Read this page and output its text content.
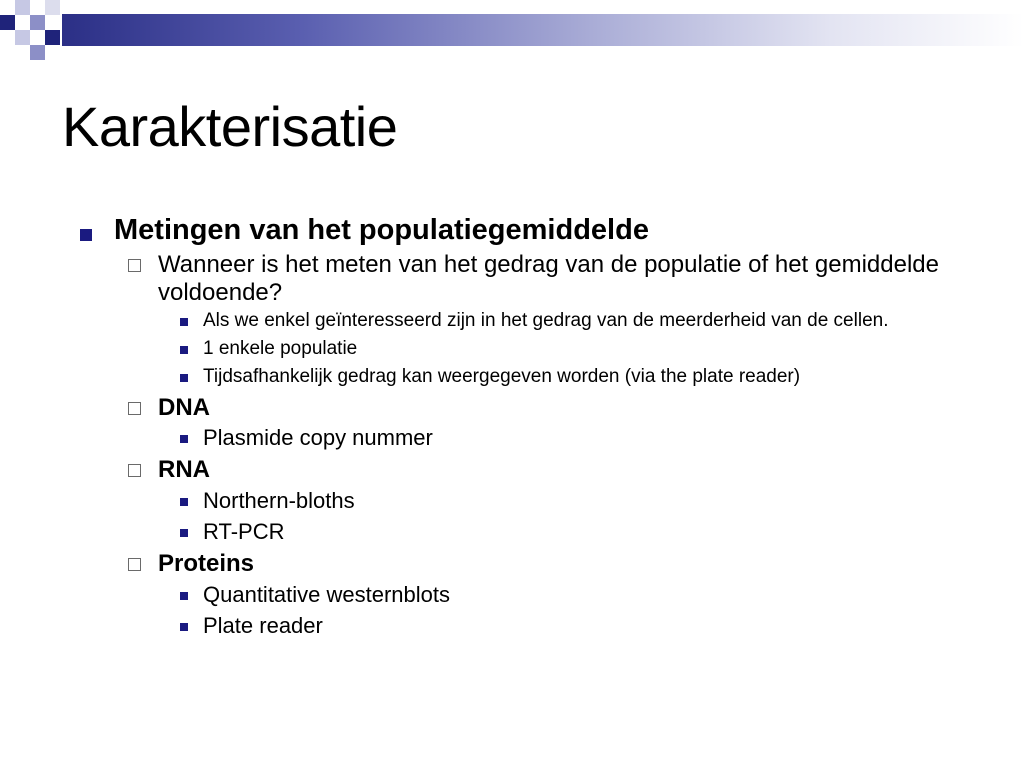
Karakterisatie
Metingen van het populatiegemiddelde
Wanneer is het meten van het gedrag van de populatie of het gemiddelde voldoende?
Als we enkel geïnteresseerd zijn in het gedrag van de meerderheid van de cellen.
1 enkele populatie
Tijdsafhankelijk gedrag kan weergegeven worden (via the plate reader)
DNA
Plasmide copy nummer
RNA
Northern-bloths
RT-PCR
Proteins
Quantitative westernblots
Plate reader
